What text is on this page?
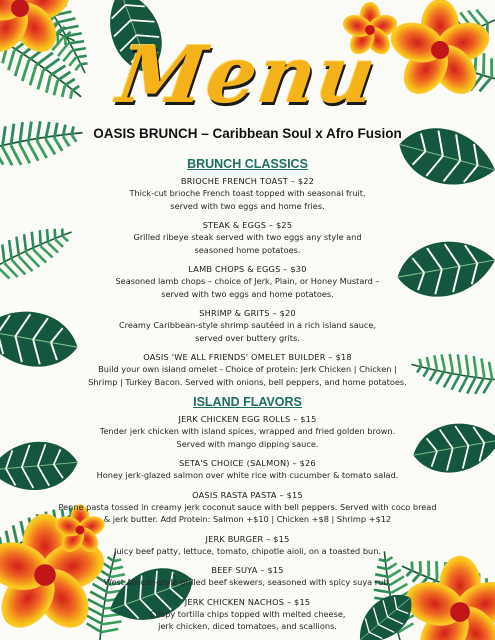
Menu
OASIS BRUNCH – Caribbean Soul x Afro Fusion
BRUNCH CLASSICS
BRIOCHE FRENCH TOAST – $22
Thick-cut brioche French toast topped with seasonal fruit,
served with two eggs and home fries.
STEAK & EGGS – $25
Grilled ribeye steak served with two eggs any style and
seasoned home potatoes.
LAMB CHOPS & EGGS – $30
Seasoned lamb chops – choice of Jerk, Plain, or Honey Mustard –
served with two eggs and home potatoes.
SHRIMP & GRITS – $20
Creamy Caribbean-style shrimp sautéed in a rich island sauce,
served over buttery grits.
OASIS 'WE ALL FRIENDS' OMELET BUILDER – $18
Build your own island omelet - Choice of protein: Jerk Chicken | Chicken |
Shrimp | Turkey Bacon. Served with onions, bell peppers, and home potatoes.
ISLAND FLAVORS
JERK CHICKEN EGG ROLLS – $15
Tender jerk chicken with island spices, wrapped and fried golden brown.
Served with mango dipping sauce.
SETA'S CHOICE (SALMON) – $26
Honey jerk-glazed salmon over white rice with cucumber & tomato salad.
OASIS RASTA PASTA – $15
Penne pasta tossed in creamy jerk coconut sauce with bell peppers. Served with coco bread
& jerk butter. Add Protein: Salmon +$10 | Chicken +$8 | Shrimp +$12
JERK BURGER – $15
Juicy beef patty, lettuce, tomato, chipotle aioli, on a toasted bun.
BEEF SUYA – $15
West African-style grilled beef skewers, seasoned with spicy suya rub.
JERK CHICKEN NACHOS – $15
Crispy tortilla chips topped with melted cheese,
jerk chicken, diced tomatoes, and scallions.
